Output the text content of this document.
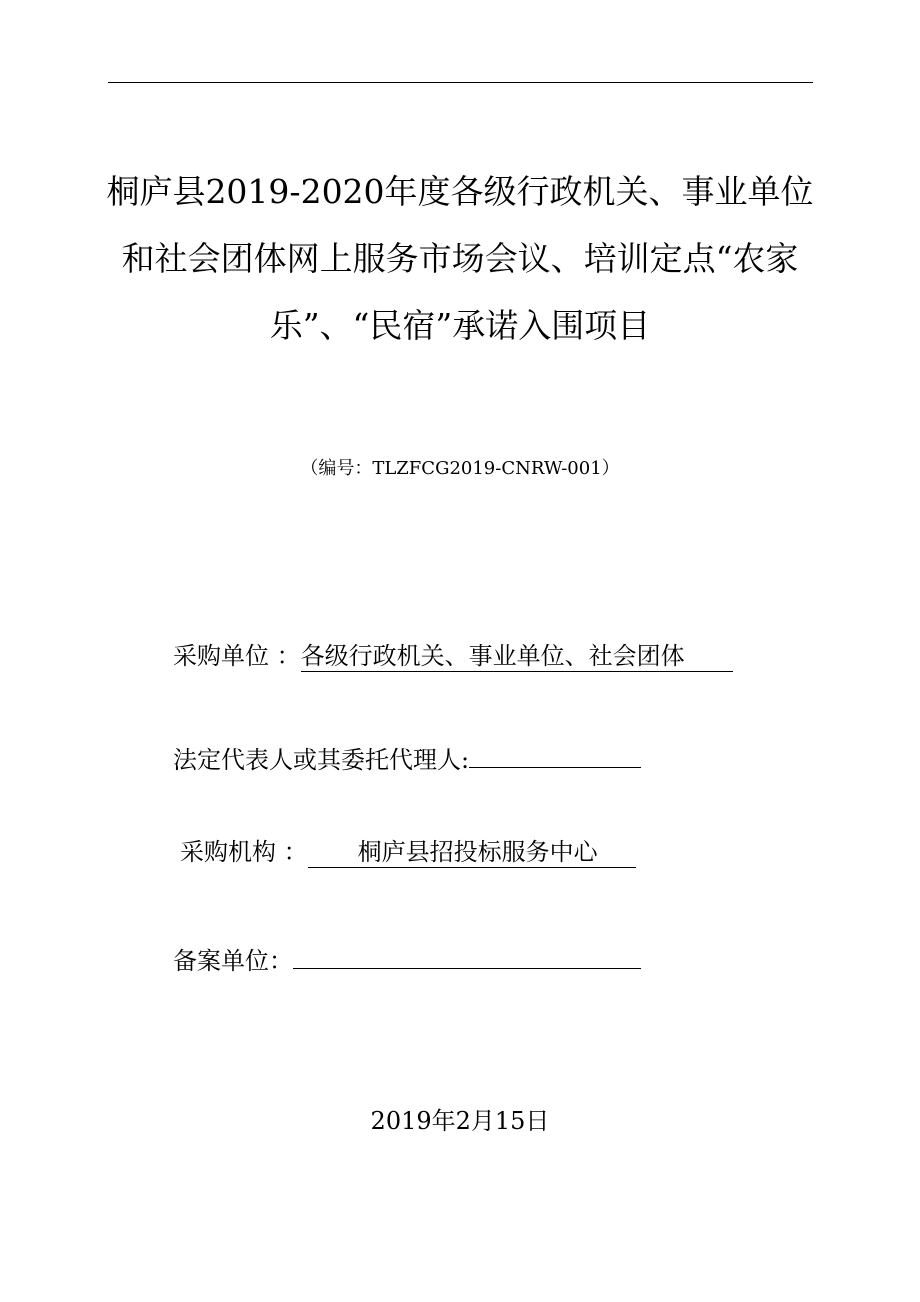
桐庐县2019-2020年度各级行政机关、事业单位
和社会团体网上服务市场会议、培训定点“农家
乐”、“民宿”承诺入围项目
（编号：TLZFCG2019-CNRW-001）
采购单位 ：各级行政机关、事业单位、社会团体
法定代表人或其委托代理人:
采购机构 ： 桐庐县招投标服务中心
备案单位：
2019年2月15日
